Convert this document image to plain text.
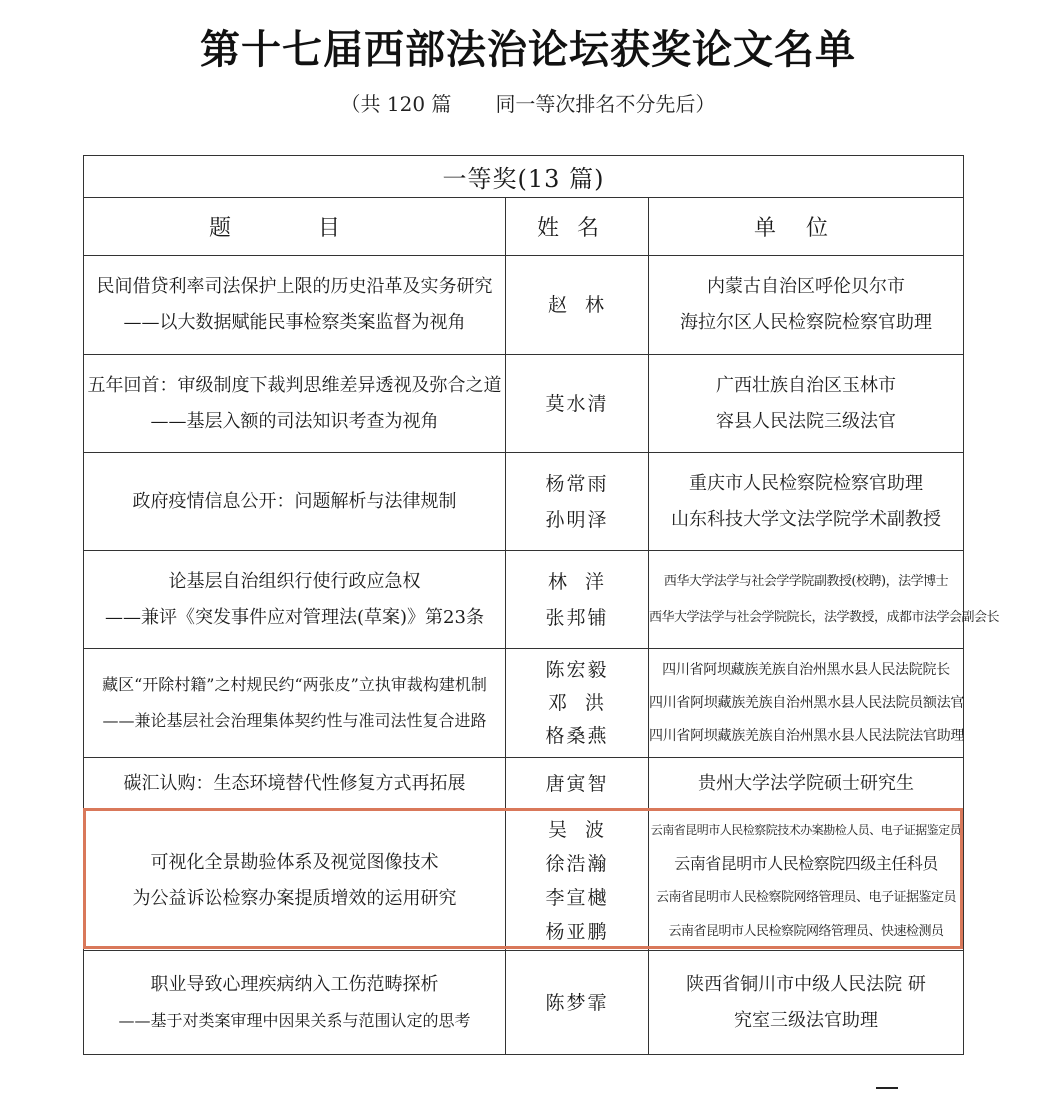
第十七届西部法治论坛获奖论文名单
（共 120 篇 同一等次排名不分先后）
一等奖(13 篇)		
题 目	姓名	单位

民间借贷利率司法保护上限的历史沿革及实务研究
——以大数据赋能民事检察类案监督为视角	赵  林	内蒙古自治区呼伦贝尔市
海拉尔区人民检察院检察官助理

五年回首：审级制度下裁判思维差异透视及弥合之道
——基层入额的司法知识考查为视角	莫水清	广西壮族自治区玉林市
容县人民法院三级法官

政府疫情信息公开：问题解析与法律规制	杨常雨
孙明泽	重庆市人民检察院检察官助理
山东科技大学文法学院学术副教授

论基层自治组织行使行政应急权
——兼评《突发事件应对管理法(草案)》第23条	林  洋
张邦铺	西华大学法学与社会学学院副教授(校聘)，法学博士
西华大学法学与社会学院院长，法学教授，成都市法学会副会长

藏区“开除村籍”之村规民约“两张皮”立执审裁构建机制
——兼论基层社会治理集体契约性与准司法性复合进路	陈宏毅
邓  洪
格桑燕	四川省阿坝藏族羌族自治州黑水县人民法院院长
四川省阿坝藏族羌族自治州黑水县人民法院员额法官
四川省阿坝藏族羌族自治州黑水县人民法院法官助理

碳汇认购：生态环境替代性修复方式再拓展	唐寅智	贵州大学法学院硕士研究生

可视化全景勘验体系及视觉图像技术
为公益诉讼检察办案提质增效的运用研究	吴  波
徐浩瀚
李宣樾
杨亚鹏	云南省昆明市人民检察院技术办案勘检人员、电子证据鉴定员
云南省昆明市人民检察院四级主任科员
云南省昆明市人民检察院网络管理员、电子证据鉴定员
云南省昆明市人民检察院网络管理员、快速检测员

职业导致心理疾病纳入工伤范畴探析
——基于对类案审理中因果关系与范围认定的思考	陈梦霏	陕西省铜川市中级人民法院 研
究室三级法官助理
